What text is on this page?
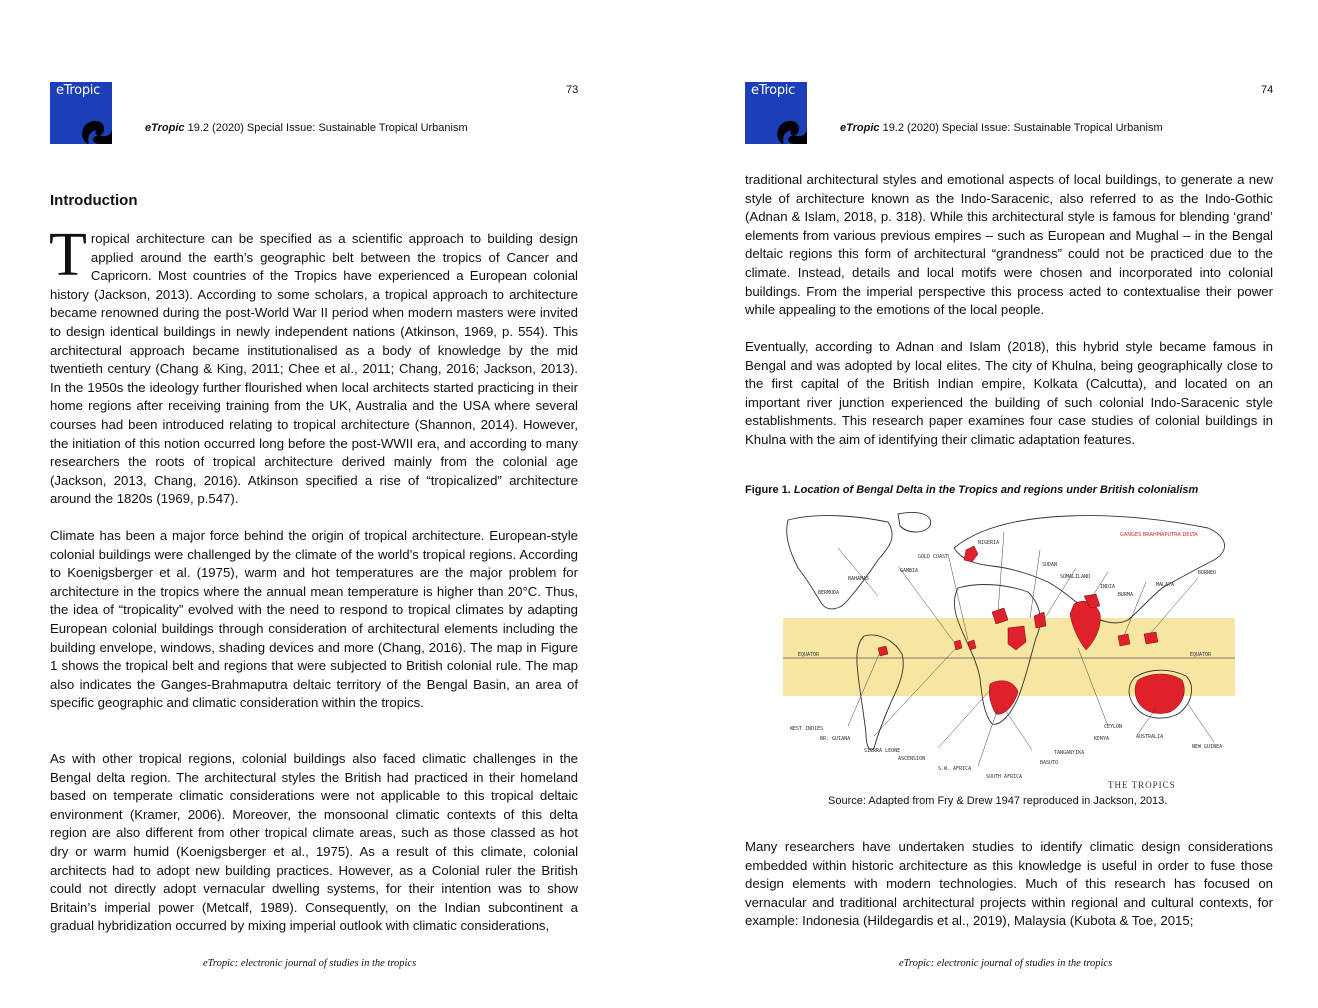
eTropic	73
eTropic 19.2 (2020) Special Issue: Sustainable Tropical Urbanism
Introduction

Tropical architecture can be specified as a scientific approach to building design applied around the earth’s geographic belt between the tropics of Cancer and Capricorn. Most countries of the Tropics have experienced a European colonial history (Jackson, 2013). According to some scholars, a tropical approach to architecture became renowned during the post-World War II period when modern masters were invited to design identical buildings in newly independent nations (Atkinson, 1969, p. 554). This architectural approach became institutionalised as a body of knowledge by the mid twentieth century (Chang & King, 2011; Chee et al., 2011; Chang, 2016; Jackson, 2013). In the 1950s the ideology further flourished when local architects started practicing in their home regions after receiving training from the UK, Australia and the USA where several courses had been introduced relating to tropical architecture (Shannon, 2014). However, the initiation of this notion occurred long before the post-WWII era, and according to many researchers the roots of tropical architecture derived mainly from the colonial age (Jackson, 2013, Chang, 2016). Atkinson specified a rise of “tropicalized” architecture around the 1820s (1969, p.547).

Climate has been a major force behind the origin of tropical architecture. European-style colonial buildings were challenged by the climate of the world’s tropical regions. According to Koenigsberger et al. (1975), warm and hot temperatures are the major problem for architecture in the tropics where the annual mean temperature is higher than 20°C. Thus, the idea of “tropicality” evolved with the need to respond to tropical climates by adapting European colonial buildings through consideration of architectural elements including the building envelope, windows, shading devices and more (Chang, 2016). The map in Figure 1 shows the tropical belt and regions that were subjected to British colonial rule. The map also indicates the Ganges-Brahmaputra deltaic territory of the Bengal Basin, an area of specific geographic and climatic consideration within the tropics.

As with other tropical regions, colonial buildings also faced climatic challenges in the Bengal delta region. The architectural styles the British had practiced in their homeland based on temperate climatic considerations were not applicable to this tropical deltaic environment (Kramer, 2006). Moreover, the monsoonal climatic contexts of this delta region are also different from other tropical climate areas, such as those classed as hot dry or warm humid (Koenigsberger et al., 1975). As a result of this climate, colonial architects had to adopt new building practices. However, as a Colonial ruler the British could not directly adopt vernacular dwelling systems, for their intention was to show Britain’s imperial power (Metcalf, 1989). Consequently, on the Indian subcontinent a gradual hybridization occurred by mixing imperial outlook with climatic considerations,

eTropic: electronic journal of studies in the tropics
eTropic	74
eTropic 19.2 (2020) Special Issue: Sustainable Tropical Urbanism

traditional architectural styles and emotional aspects of local buildings, to generate a new style of architecture known as the Indo-Saracenic, also referred to as the Indo-Gothic (Adnan & Islam, 2018, p. 318). While this architectural style is famous for blending ‘grand’ elements from various previous empires – such as European and Mughal – in the Bengal deltaic regions this form of architectural “grandness” could not be practiced due to the climate. Instead, details and local motifs were chosen and incorporated into colonial buildings. From the imperial perspective this process acted to contextualise their power while appealing to the emotions of the local people.

Eventually, according to Adnan and Islam (2018), this hybrid style became famous in Bengal and was adopted by local elites. The city of Khulna, being geographically close to the first capital of the British Indian empire, Kolkata (Calcutta), and located on an important river junction experienced the building of such colonial Indo-Saracenic style establishments. This research paper examines four case studies of colonial buildings in Khulna with the aim of identifying their climatic adaptation features.

eTropic: electronic journal of studies in the tropics
Figure 1. Location of Bengal Delta in the Tropics and regions under British colonialism
EQUATOR	EQUATOR
BERMUDA
BAHAMAS
GAMBIA
GOLD COAST
NIGERIA
SUDAN
SOMALILAND
INDIA
BURMA
MALAYA
BORNEO
WEST INDIES
BR. GUIANA
SIERRA LEONE
ASCENSION
S.W. AFRICA
SOUTH AFRICA
BASUTO
TANGANYIKA
KENYA
CEYLON
AUSTRALIA
NEW GUINEA
GANGES BRAHMAPUTRA DELTA
THE TROPICS
Source: Adapted from Fry & Drew 1947 reproduced in Jackson, 2013.

Many researchers have undertaken studies to identify climatic design considerations embedded within historic architecture as this knowledge is useful in order to fuse those design elements with modern technologies. Much of this research has focused on vernacular and traditional architectural projects within regional and cultural contexts, for example: Indonesia (Hildegardis et al., 2019), Malaysia (Kubota & Toe, 2015;
